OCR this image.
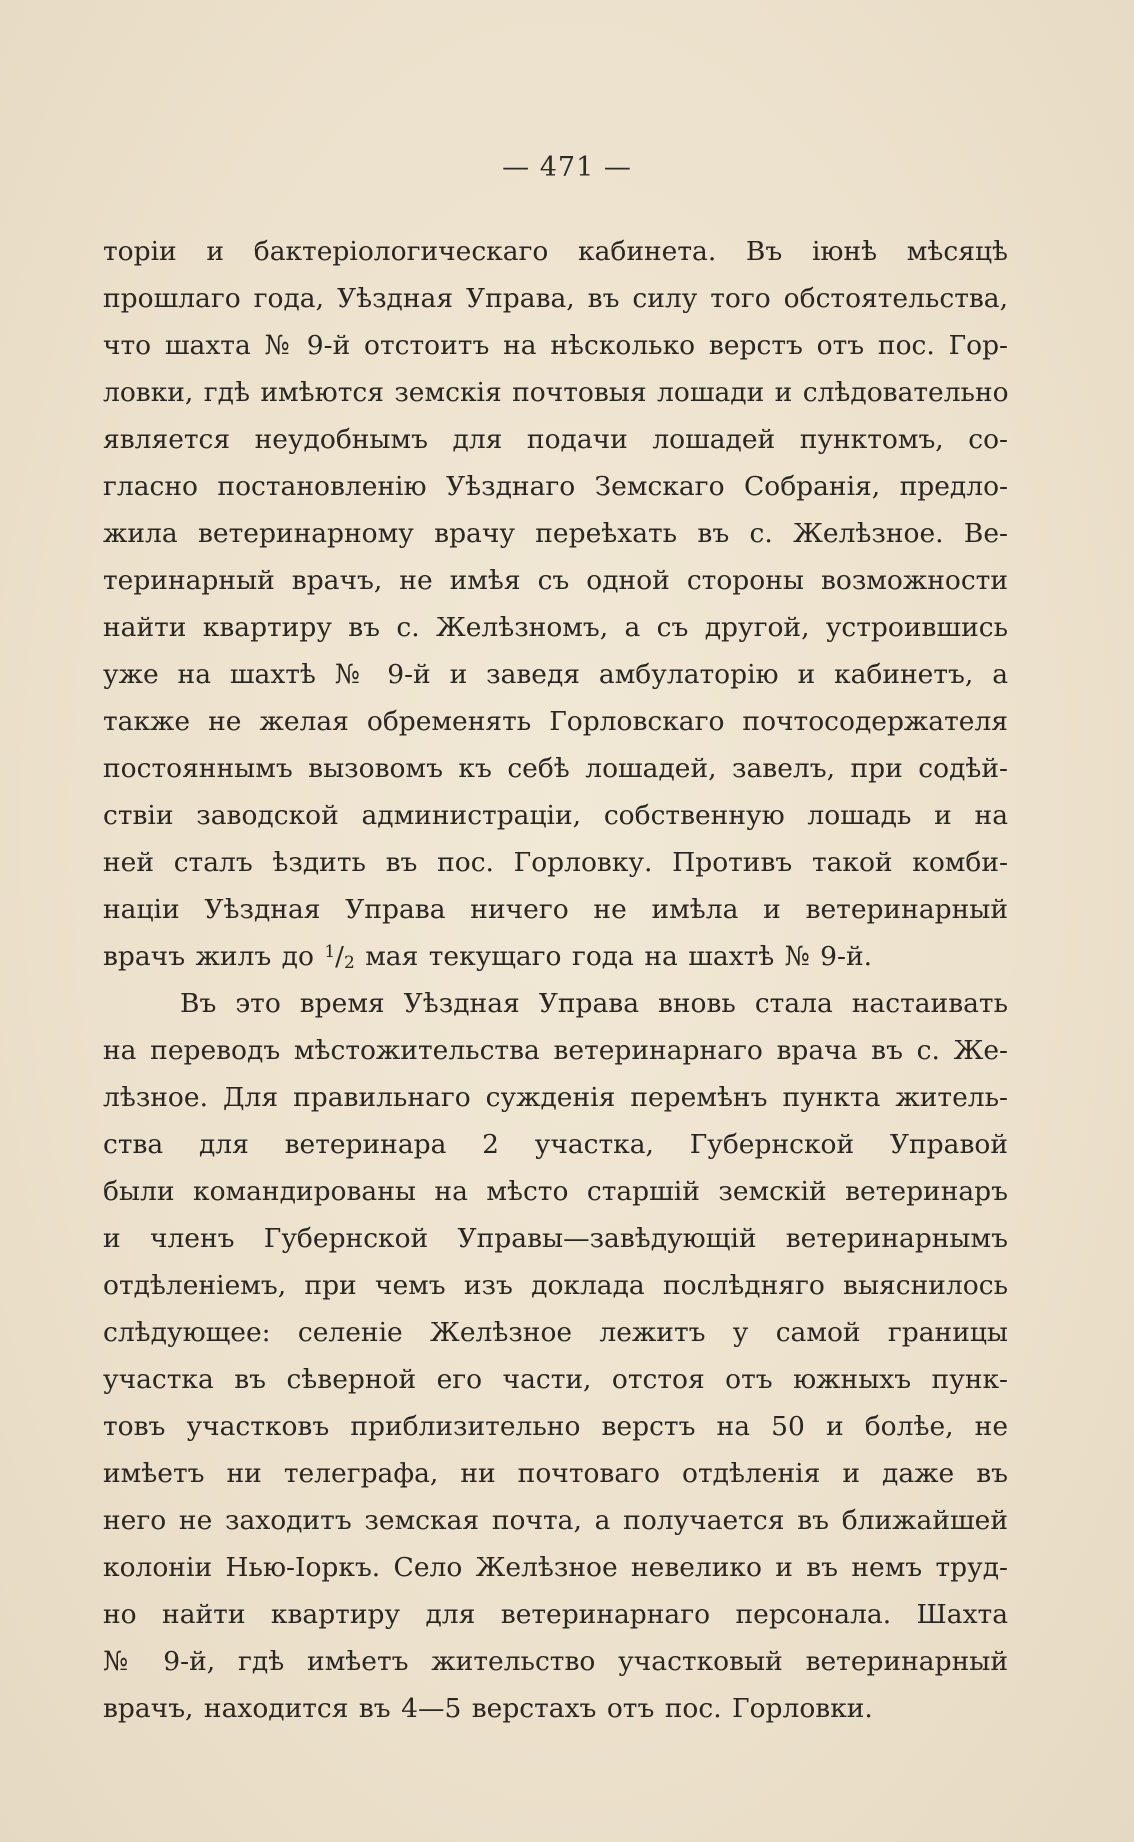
— 471 —
торіи и бактеріологическаго кабинета. Въ іюнѣ мѣсяцѣ
прошлаго года, Уѣздная Управа, въ силу того обстоятельства,
что шахта № 9-й отстоитъ на нѣсколько верстъ отъ пос. Гор-
ловки, гдѣ имѣются земскія почтовыя лошади и слѣдовательно
является неудобнымъ для подачи лошадей пунктомъ, со-
гласно постановленію Уѣзднаго Земскаго Собранія, предло-
жила ветеринарному врачу переѣхать въ с. Желѣзное. Ве-
теринарный врачъ, не имѣя съ одной стороны возможности
найти квартиру въ с. Желѣзномъ, а съ другой, устроившись
уже на шахтѣ № 9-й и заведя амбулаторію и кабинетъ, а
также не желая обременять Горловскаго почтосодержателя
постояннымъ вызовомъ къ себѣ лошадей, завелъ, при содѣй-
ствіи заводской администраціи, собственную лошадь и на
ней сталъ ѣздить въ пос. Горловку. Противъ такой комби-
націи Уѣздная Управа ничего не имѣла и ветеринарный
врачъ жилъ до $^1$/2 мая текущаго года на шахтѣ № 9-й.
Въ это время Уѣздная Управа вновь стала настаивать
на переводъ мѣстожительства ветеринарнаго врача въ с. Же-
лѣзное. Для правильнаго сужденія перемѣнъ пункта житель-
ства для ветеринара 2 участка, Губернской Управой
были командированы на мѣсто старшій земскій ветеринаръ
и членъ Губернской Управы—завѣдующій ветеринарнымъ
отдѣленіемъ, при чемъ изъ доклада послѣдняго выяснилось
слѣдующее: селеніе Желѣзное лежитъ у самой границы
участка въ сѣверной его части, отстоя отъ южныхъ пунк-
товъ участковъ приблизительно верстъ на 50 и болѣе, не
имѣетъ ни телеграфа, ни почтоваго отдѣленія и даже въ
него не заходитъ земская почта, а получается въ ближайшей
колоніи Нью-Іоркъ. Село Желѣзное невелико и въ немъ труд-
но найти квартиру для ветеринарнаго персонала. Шахта
№ 9-й, гдѣ имѣетъ жительство участковый ветеринарный
врачъ, находится въ 4—5 верстахъ отъ пос. Горловки.
